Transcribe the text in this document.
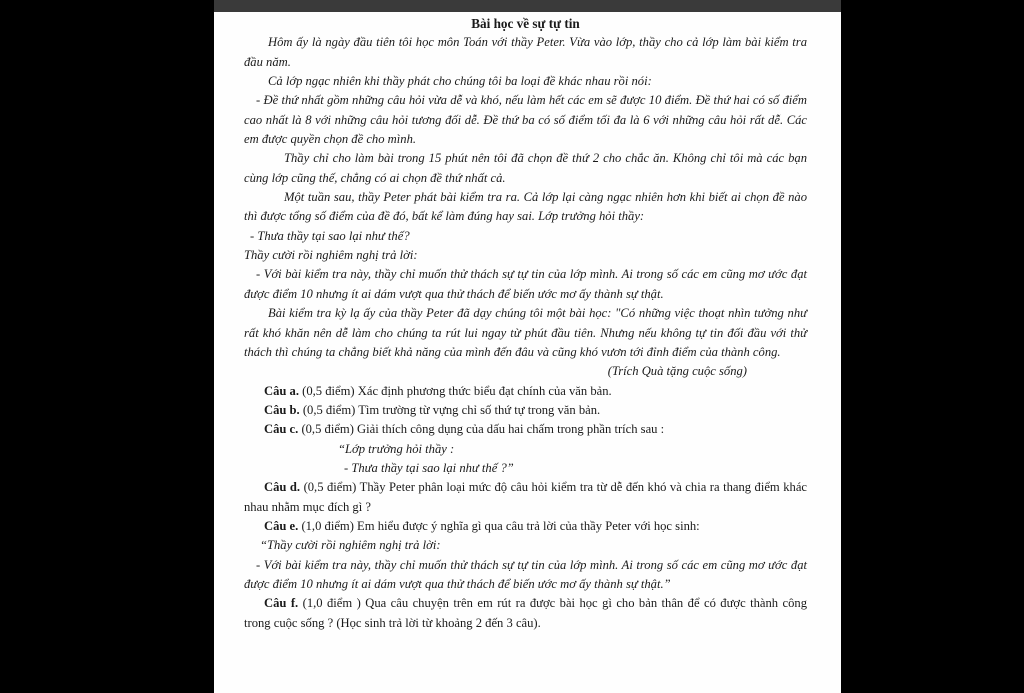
Bài học về sự tự tin

Hôm ấy là ngày đầu tiên tôi học môn Toán với thầy Peter. Vừa vào lớp, thầy cho cả lớp làm bài kiểm tra đầu năm.

Cả lớp ngạc nhiên khi thầy phát cho chúng tôi ba loại đề khác nhau rồi nói:

- Đề thứ nhất gồm những câu hỏi vừa dễ và khó, nếu làm hết các em sẽ được 10 điểm. Đề thứ hai có số điểm cao nhất là 8 với những câu hỏi tương đối dễ. Đề thứ ba có số điểm tối đa là 6 với những câu hỏi rất dễ. Các em được quyền chọn đề cho mình.

Thầy chỉ cho làm bài trong 15 phút nên tôi đã chọn đề thứ 2 cho chắc ăn. Không chỉ tôi mà các bạn cùng lớp cũng thế, chẳng có ai chọn đề thứ nhất cả.

Một tuần sau, thầy Peter phát bài kiểm tra ra. Cả lớp lại càng ngạc nhiên hơn khi biết ai chọn đề nào thì được tổng số điểm của đề đó, bất kể làm đúng hay sai. Lớp trưởng hỏi thầy:

- Thưa thầy tại sao lại như thế?

Thầy cười rồi nghiêm nghị trả lời:

- Với bài kiểm tra này, thầy chỉ muốn thử thách sự tự tin của lớp mình. Ai trong số các em cũng mơ ước đạt được điểm 10 nhưng ít ai dám vượt qua thử thách để biến ước mơ ấy thành sự thật.

Bài kiểm tra kỳ lạ ấy của thầy Peter đã dạy chúng tôi một bài học: "Có những việc thoạt nhìn tưởng như rất khó khăn nên dễ làm cho chúng ta rút lui ngay từ phút đầu tiên. Nhưng nếu không tự tin đối đầu với thử thách thì chúng ta chẳng biết khả năng của mình đến đâu và cũng khó vươn tới đỉnh điểm của thành công.

(Trích Quà tặng cuộc sống)

Câu a. (0,5 điểm) Xác định phương thức biểu đạt chính của văn bản.

Câu b. (0,5 điểm) Tìm trường từ vựng chỉ số thứ tự trong văn bản.

Câu c. (0,5 điểm) Giải thích công dụng của dấu hai chấm trong phần trích sau :

“Lớp trưởng hỏi thầy :

- Thưa thầy tại sao lại như thế ?”

Câu d. (0,5 điểm) Thầy Peter phân loại mức độ câu hỏi kiểm tra từ dễ đến khó và chia ra thang điểm khác nhau nhằm mục đích gì ?

Câu e. (1,0 điểm) Em hiểu được ý nghĩa gì qua câu trả lời của thầy Peter với học sinh:

“Thầy cười rồi nghiêm nghị trả lời:

- Với bài kiểm tra này, thầy chỉ muốn thử thách sự tự tin của lớp mình. Ai trong số các em cũng mơ ước đạt được điểm 10 nhưng ít ai dám vượt qua thử thách để biến ước mơ ấy thành sự thật.”

Câu f. (1,0 điểm ) Qua câu chuyện trên em rút ra được bài học gì cho bản thân để có được thành công trong cuộc sống ? (Học sinh trả lời từ khoảng 2 đến 3 câu).
